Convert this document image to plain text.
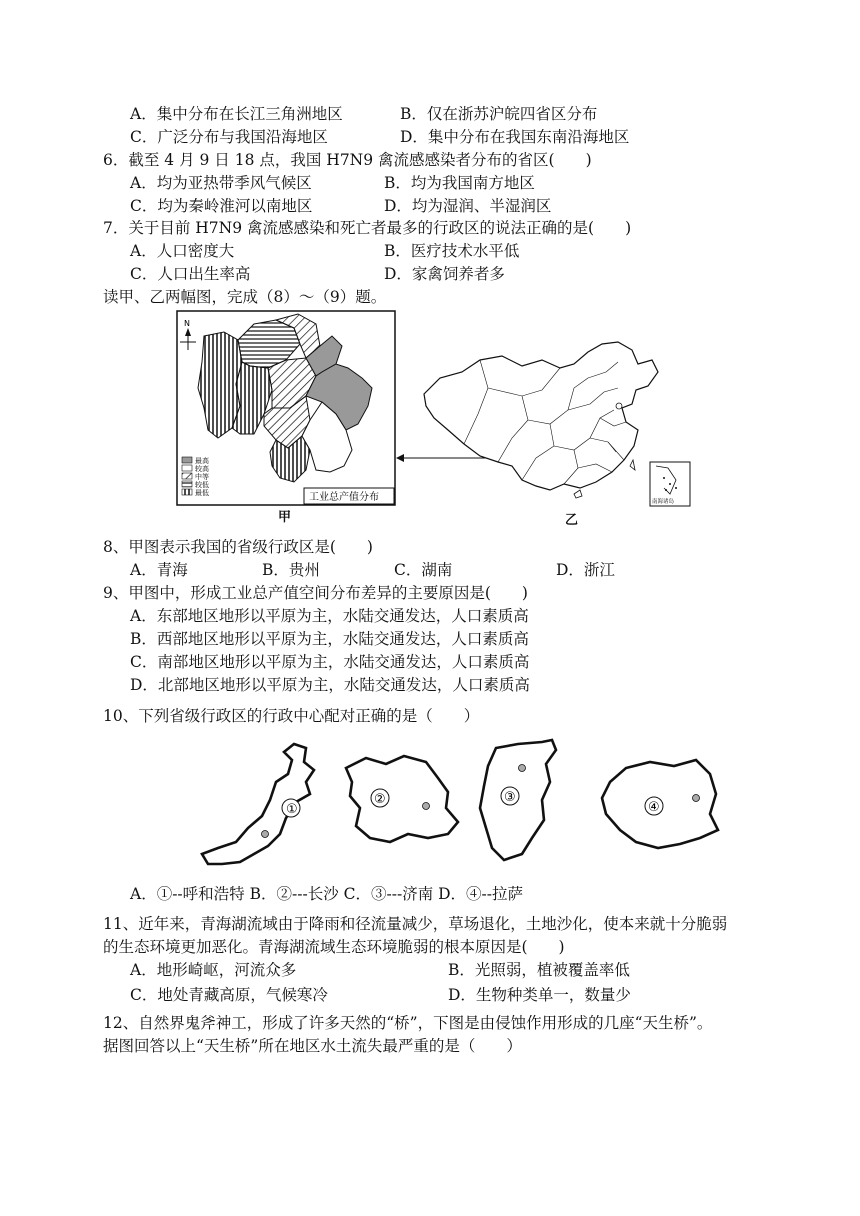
A．集中分布在长江三角洲地区	B．仅在浙苏沪皖四省区分布
C．广泛分布与我国沿海地区	D．集中分布在我国东南沿海地区
6．截至 4 月 9 日 18 点，我国 H7N9 禽流感感染者分布的省区(　　)
A．均为亚热带季风气候区	B．均为我国南方地区
C．均为秦岭淮河以南地区	D．均为湿润、半湿润区
7．关于目前 H7N9 禽流感感染和死亡者最多的行政区的说法正确的是(　　)
A．人口密度大	B．医疗技术水平低
C．人口出生率高	D．家禽饲养者多
读甲、乙两幅图，完成（8）～（9）题。
N
最高
较高
中等
较低
最低	工业总产值分布
甲
南海诸岛
乙
8、甲图表示我国的省级行政区是(　　)
A．青海	B．贵州	C．湖南	D．浙江
9、甲图中，形成工业总产值空间分布差异的主要原因是(　　)
A．东部地区地形以平原为主，水陆交通发达，人口素质高
B．西部地区地形以平原为主，水陆交通发达，人口素质高
C．南部地区地形以平原为主，水陆交通发达，人口素质高
D．北部地区地形以平原为主，水陆交通发达，人口素质高
10、下列省级行政区的行政中心配对正确的是（　　）
①
②	③
④
A．①--呼和浩特 B．②---长沙 C．③---济南 D．④--拉萨
11、近年来，青海湖流域由于降雨和径流量减少，草场退化，土地沙化，使本来就十分脆弱
的生态环境更加恶化。青海湖流域生态环境脆弱的根本原因是(　　)
A．地形崎岖，河流众多	B．光照弱，植被覆盖率低
C．地处青藏高原，气候寒冷	D．生物种类单一，数量少
12、自然界鬼斧神工，形成了许多天然的“桥”，下图是由侵蚀作用形成的几座“天生桥”。
据图回答以上“天生桥”所在地区水土流失最严重的是（　　）
